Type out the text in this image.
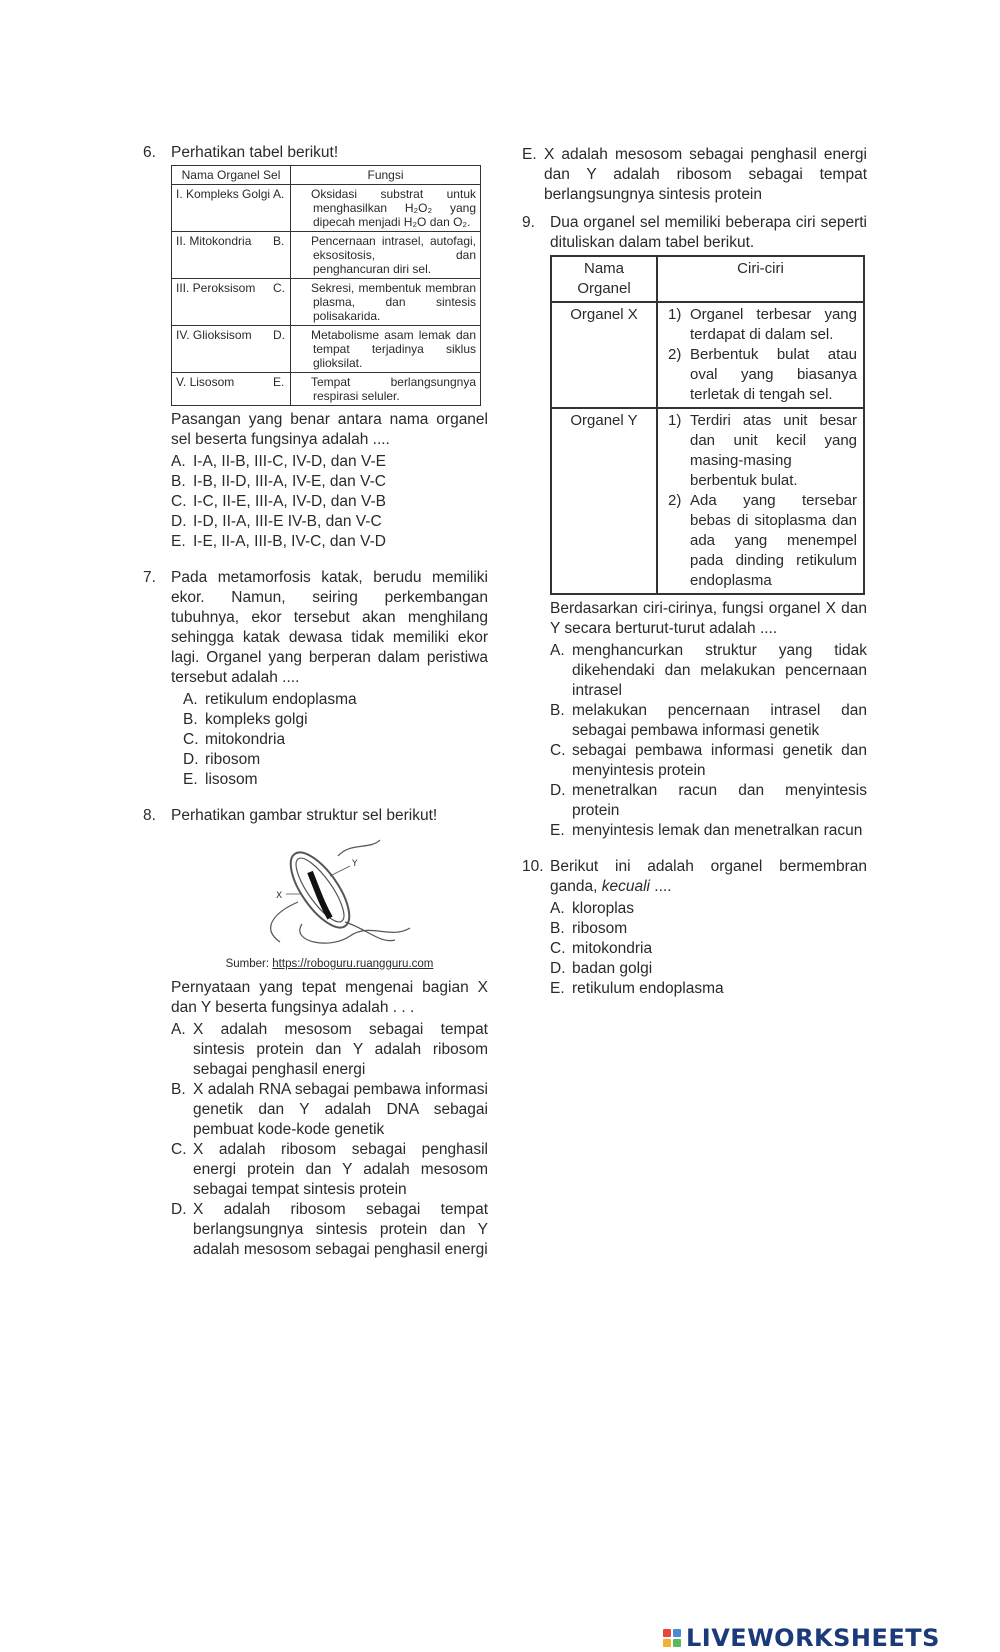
6. Perhatikan tabel berikut!
Nama Organel Sel	Fungsi
I. Kompleks Golgi	A. Oksidasi substrat untuk menghasilkan H₂O₂ yang dipecah menjadi H₂O dan O₂.
II. Mitokondria	B. Pencernaan intrasel, autofagi, eksositosis, dan penghancuran diri sel.
III. Peroksisom	C. Sekresi, membentuk membran plasma, dan sintesis polisakarida.
IV. Glioksisom	D. Metabolisme asam lemak dan tempat terjadinya siklus glioksilat.
V. Lisosom	E. Tempat berlangsungnya respirasi seluler.
Pasangan yang benar antara nama organel sel beserta fungsinya adalah ....
A. I-A, II-B, III-C, IV-D, dan V-E
B. I-B, II-D, III-A, IV-E, dan V-C
C. I-C, II-E, III-A, IV-D, dan V-B
D. I-D, II-A, III-E IV-B, dan V-C
E. I-E, II-A, III-B, IV-C, dan V-D
7. Pada metamorfosis katak, berudu memiliki ekor. Namun, seiring perkembangan tubuhnya, ekor tersebut akan menghilang sehingga katak dewasa tidak memiliki ekor lagi. Organel yang berperan dalam peristiwa tersebut adalah ....
A. retikulum endoplasma
B. kompleks golgi
C. mitokondria
D. ribosom
E. lisosom
8. Perhatikan gambar struktur sel berikut!
Y
X
Sumber: https://roboguru.ruangguru.com
Pernyataan yang tepat mengenai bagian X dan Y beserta fungsinya adalah . . .
A. X adalah mesosom sebagai tempat sintesis protein dan Y adalah ribosom sebagai penghasil energi
B. X adalah RNA sebagai pembawa informasi genetik dan Y adalah DNA sebagai pembuat kode-kode genetik
C. X adalah ribosom sebagai penghasil energi protein dan Y adalah mesosom sebagai tempat sintesis protein
D. X adalah ribosom sebagai tempat berlangsungnya sintesis protein dan Y adalah mesosom sebagai penghasil energi
E. X adalah mesosom sebagai penghasil energi dan Y adalah ribosom sebagai tempat berlangsungnya sintesis protein
9. Dua organel sel memiliki beberapa ciri seperti dituliskan dalam tabel berikut.
Nama Organel	Ciri-ciri
Organel X	1) Organel terbesar yang terdapat di dalam sel.
2) Berbentuk bulat atau oval yang biasanya terletak di tengah sel.

Organel Y	1) Terdiri atas unit besar dan unit kecil yang masing-masing berbentuk bulat.
2) Ada yang tersebar bebas di sitoplasma dan ada yang menempel pada dinding retikulum endoplasma
Berdasarkan ciri-cirinya, fungsi organel X dan Y secara berturut-turut adalah ....
A. menghancurkan struktur yang tidak dikehendaki dan melakukan pencernaan intrasel
B. melakukan pencernaan intrasel dan sebagai pembawa informasi genetik
C. sebagai pembawa informasi genetik dan menyintesis protein
D. menetralkan racun dan menyintesis protein
E. menyintesis lemak dan menetralkan racun
10. Berikut ini adalah organel bermembran ganda, kecuali ....
A. kloroplas
B. ribosom
C. mitokondria
D. badan golgi
E. retikulum endoplasma
LIVEWORKSHEETS
